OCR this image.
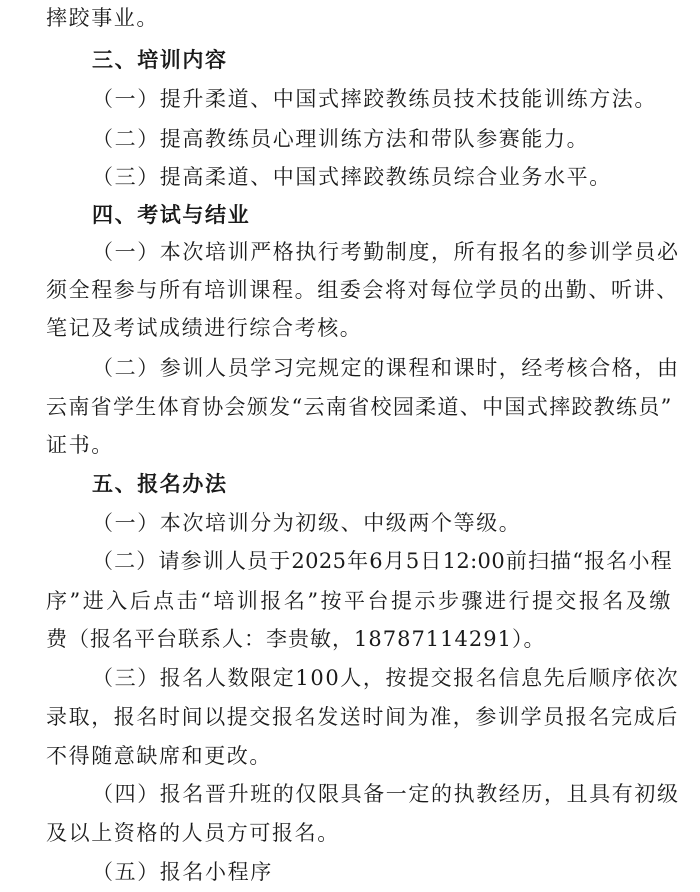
摔跤事业。
三、培训内容
（一）提升柔道、中国式摔跤教练员技术技能训练方法。
（二）提高教练员心理训练方法和带队参赛能力。
（三）提高柔道、中国式摔跤教练员综合业务水平。
四、考试与结业
（一）本次培训严格执行考勤制度，所有报名的参训学员必
须全程参与所有培训课程。组委会将对每位学员的出勤、听讲、
笔记及考试成绩进行综合考核。
（二）参训人员学习完规定的课程和课时，经考核合格，由
云南省学生体育协会颁发“云南省校园柔道、中国式摔跤教练员”
证书。
五、报名办法
（一）本次培训分为初级、中级两个等级。
（二）请参训人员于2025年6月5日12:00前扫描“报名小程
序”进入后点击“培训报名”按平台提示步骤进行提交报名及缴
费（报名平台联系人：李贵敏，18787114291）。
（三）报名人数限定100人，按提交报名信息先后顺序依次
录取，报名时间以提交报名发送时间为准，参训学员报名完成后
不得随意缺席和更改。
（四）报名晋升班的仅限具备一定的执教经历，且具有初级
及以上资格的人员方可报名。
（五）报名小程序
